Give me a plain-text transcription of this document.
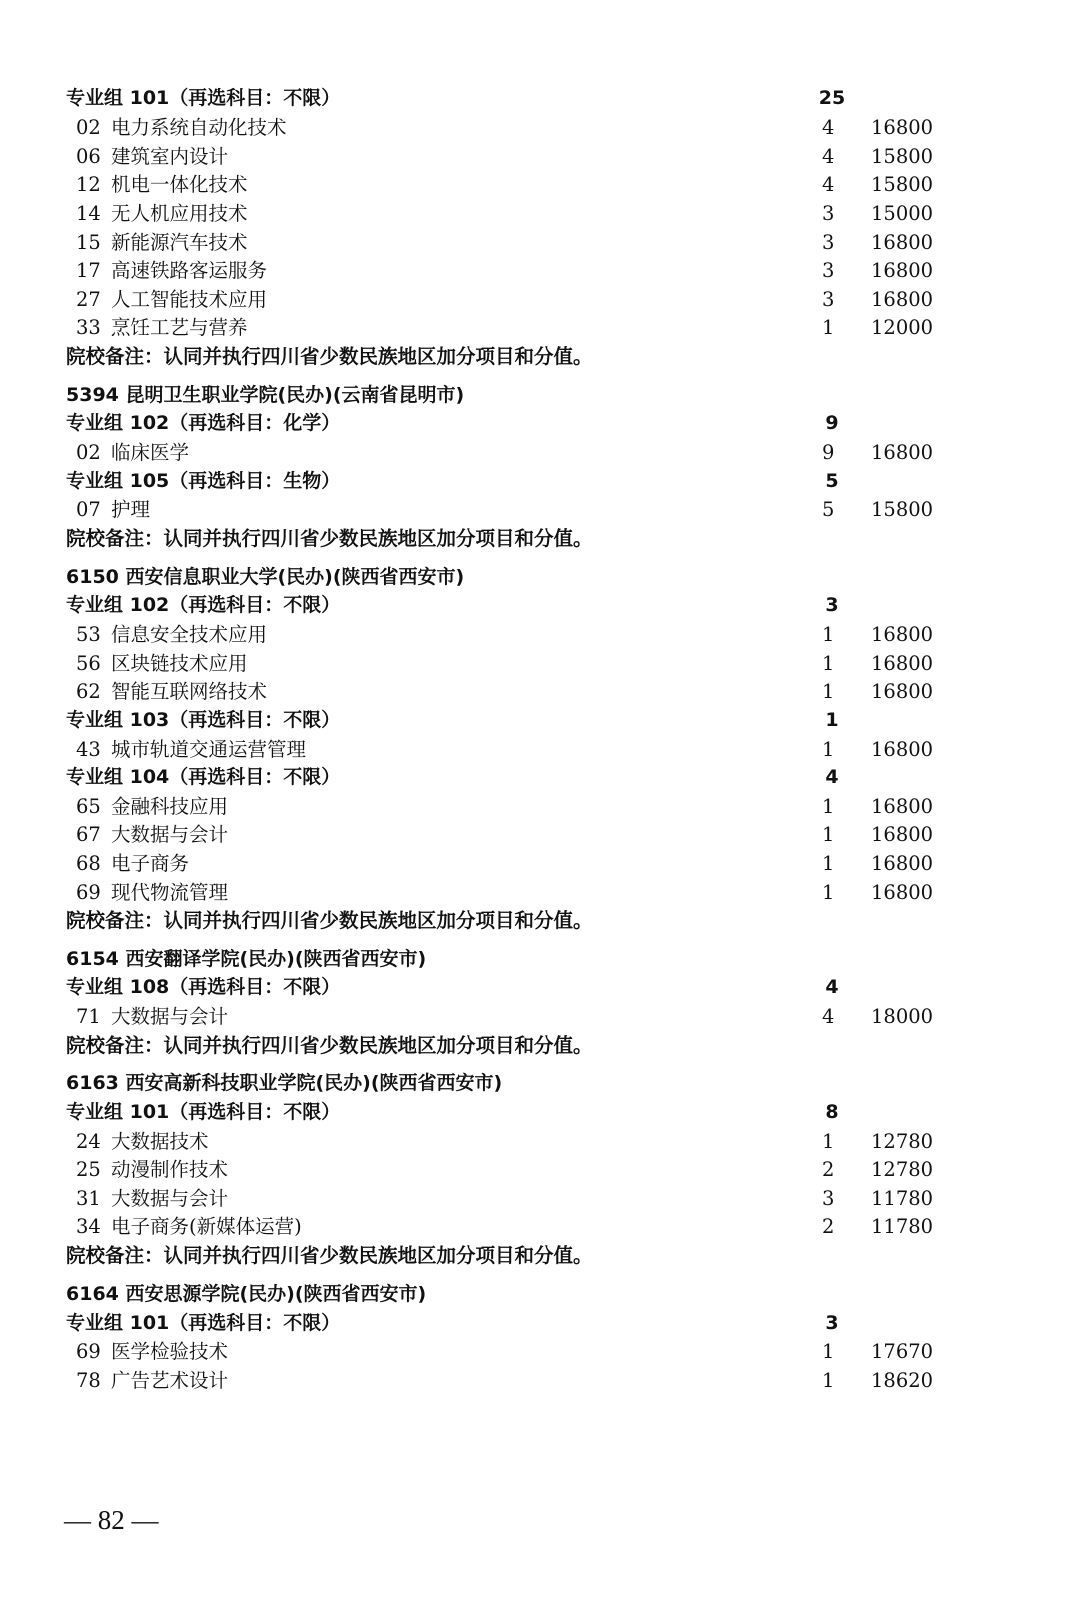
专业组 101（再选科目：不限）	25
02 电力系统自动化技术	4 16800
06 建筑室内设计	4 15800
12 机电一体化技术	4 15800
14 无人机应用技术	3 15000
15 新能源汽车技术	3 16800
17 高速铁路客运服务	3 16800
27 人工智能技术应用	3 16800
33 烹饪工艺与营养	1 12000
院校备注：认同并执行四川省少数民族地区加分项目和分值。
5394 昆明卫生职业学院(民办)(云南省昆明市)
专业组 102（再选科目：化学）	9
02 临床医学	9 16800
专业组 105（再选科目：生物）	5
07 护理	5 15800
院校备注：认同并执行四川省少数民族地区加分项目和分值。
6150 西安信息职业大学(民办)(陕西省西安市)
专业组 102（再选科目：不限）	3
53 信息安全技术应用	1 16800
56 区块链技术应用	1 16800
62 智能互联网络技术	1 16800
专业组 103（再选科目：不限）	1
43 城市轨道交通运营管理	1 16800
专业组 104（再选科目：不限）	4
65 金融科技应用	1 16800
67 大数据与会计	1 16800
68 电子商务	1 16800
69 现代物流管理	1 16800
院校备注：认同并执行四川省少数民族地区加分项目和分值。
6154 西安翻译学院(民办)(陕西省西安市)
专业组 108（再选科目：不限）	4
71 大数据与会计	4 18000
院校备注：认同并执行四川省少数民族地区加分项目和分值。
6163 西安高新科技职业学院(民办)(陕西省西安市)
专业组 101（再选科目：不限）	8
24 大数据技术	1 12780
25 动漫制作技术	2 12780
31 大数据与会计	3 11780
34 电子商务(新媒体运营)	2 11780
院校备注：认同并执行四川省少数民族地区加分项目和分值。
6164 西安思源学院(民办)(陕西省西安市)
专业组 101（再选科目：不限）	3
69 医学检验技术	1 17670
78 广告艺术设计	1 18620
— 82 —
